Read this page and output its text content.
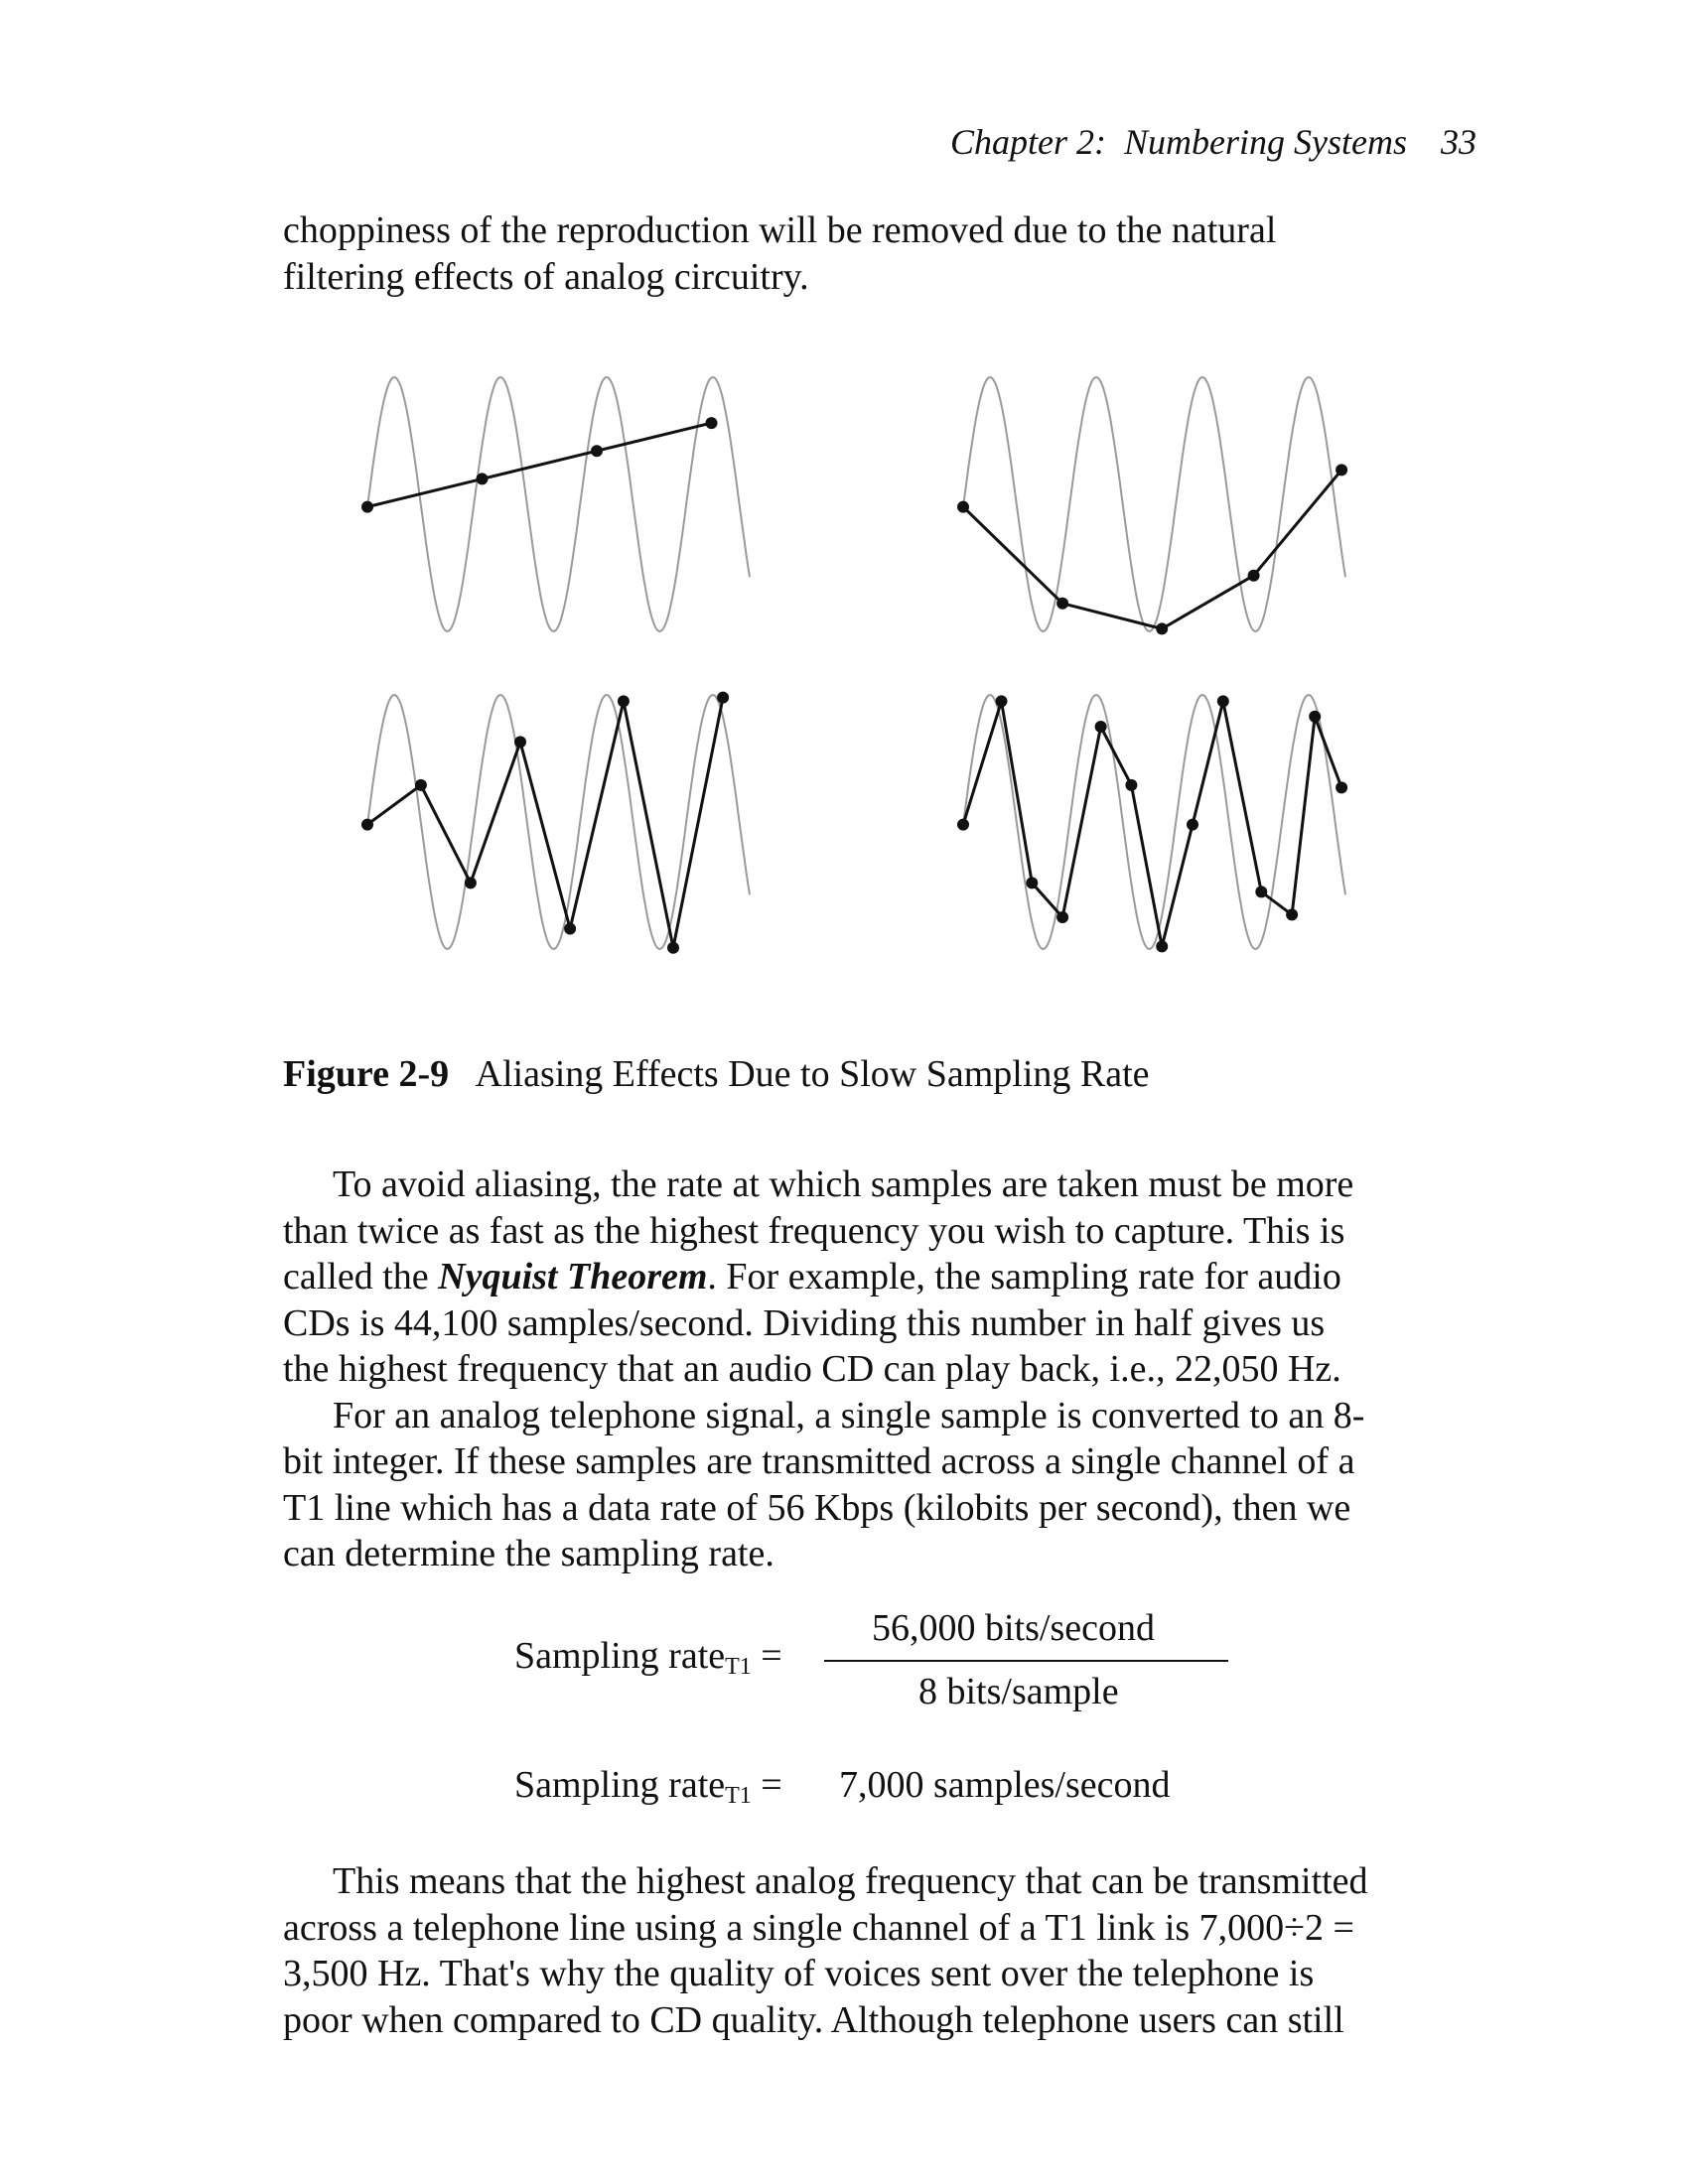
Chapter 2:  Numbering Systems 33
choppiness of the reproduction will be removed due to the natural
filtering effects of analog circuitry.
Figure 2-9 Aliasing Effects Due to Slow Sampling Rate
To avoid aliasing, the rate at which samples are taken must be more
than twice as fast as the highest frequency you wish to capture. This is
called the Nyquist Theorem. For example, the sampling rate for audio
CDs is 44,100 samples/second. Dividing this number in half gives us
the highest frequency that an audio CD can play back, i.e., 22,050 Hz.
For an analog telephone signal, a single sample is converted to an 8-
bit integer. If these samples are transmitted across a single channel of a
T1 line which has a data rate of 56 Kbps (kilobits per second), then we
can determine the sampling rate.
Sampling rate$_{T1}$ =
56,000 bits/second
8 bits/sample
Sampling rate$_{T1}$ = 7,000 samples/second
This means that the highest analog frequency that can be transmitted
across a telephone line using a single channel of a T1 link is 7,000÷2 =
3,500 Hz. That's why the quality of voices sent over the telephone is
poor when compared to CD quality. Although telephone users can still
